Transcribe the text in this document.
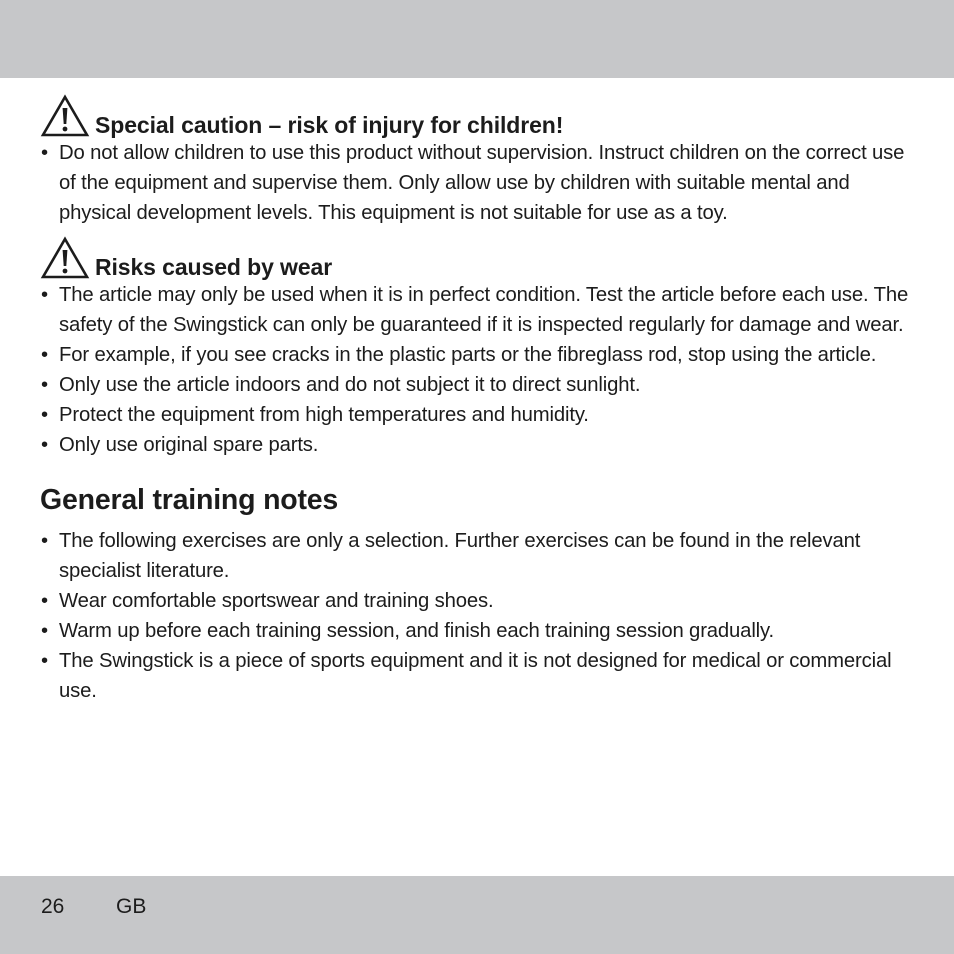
Special caution – risk of injury for children!
• Do not allow children to use this product without supervision. Instruct children on the correct use of the equipment and supervise them. Only allow use by children with suitable mental and physical development levels. This equipment is not suitable for use as a toy.
Risks caused by wear
• The article may only be used when it is in perfect condition. Test the article before each use. The safety of the Swingstick can only be guaranteed if it is inspected regularly for damage and wear.
• For example, if you see cracks in the plastic parts or the fibreglass rod, stop using the article.
• Only use the article indoors and do not subject it to direct sunlight.
• Protect the equipment from high temperatures and humidity.
• Only use original spare parts.
General training notes
• The following exercises are only a selection. Further exercises can be found in the relevant specialist literature.
• Wear comfortable sportswear and training shoes.
• Warm up before each training session, and finish each training session gradually.
• The Swingstick is a piece of sports equipment and it is not designed for medical or commercial use.
26	GB
